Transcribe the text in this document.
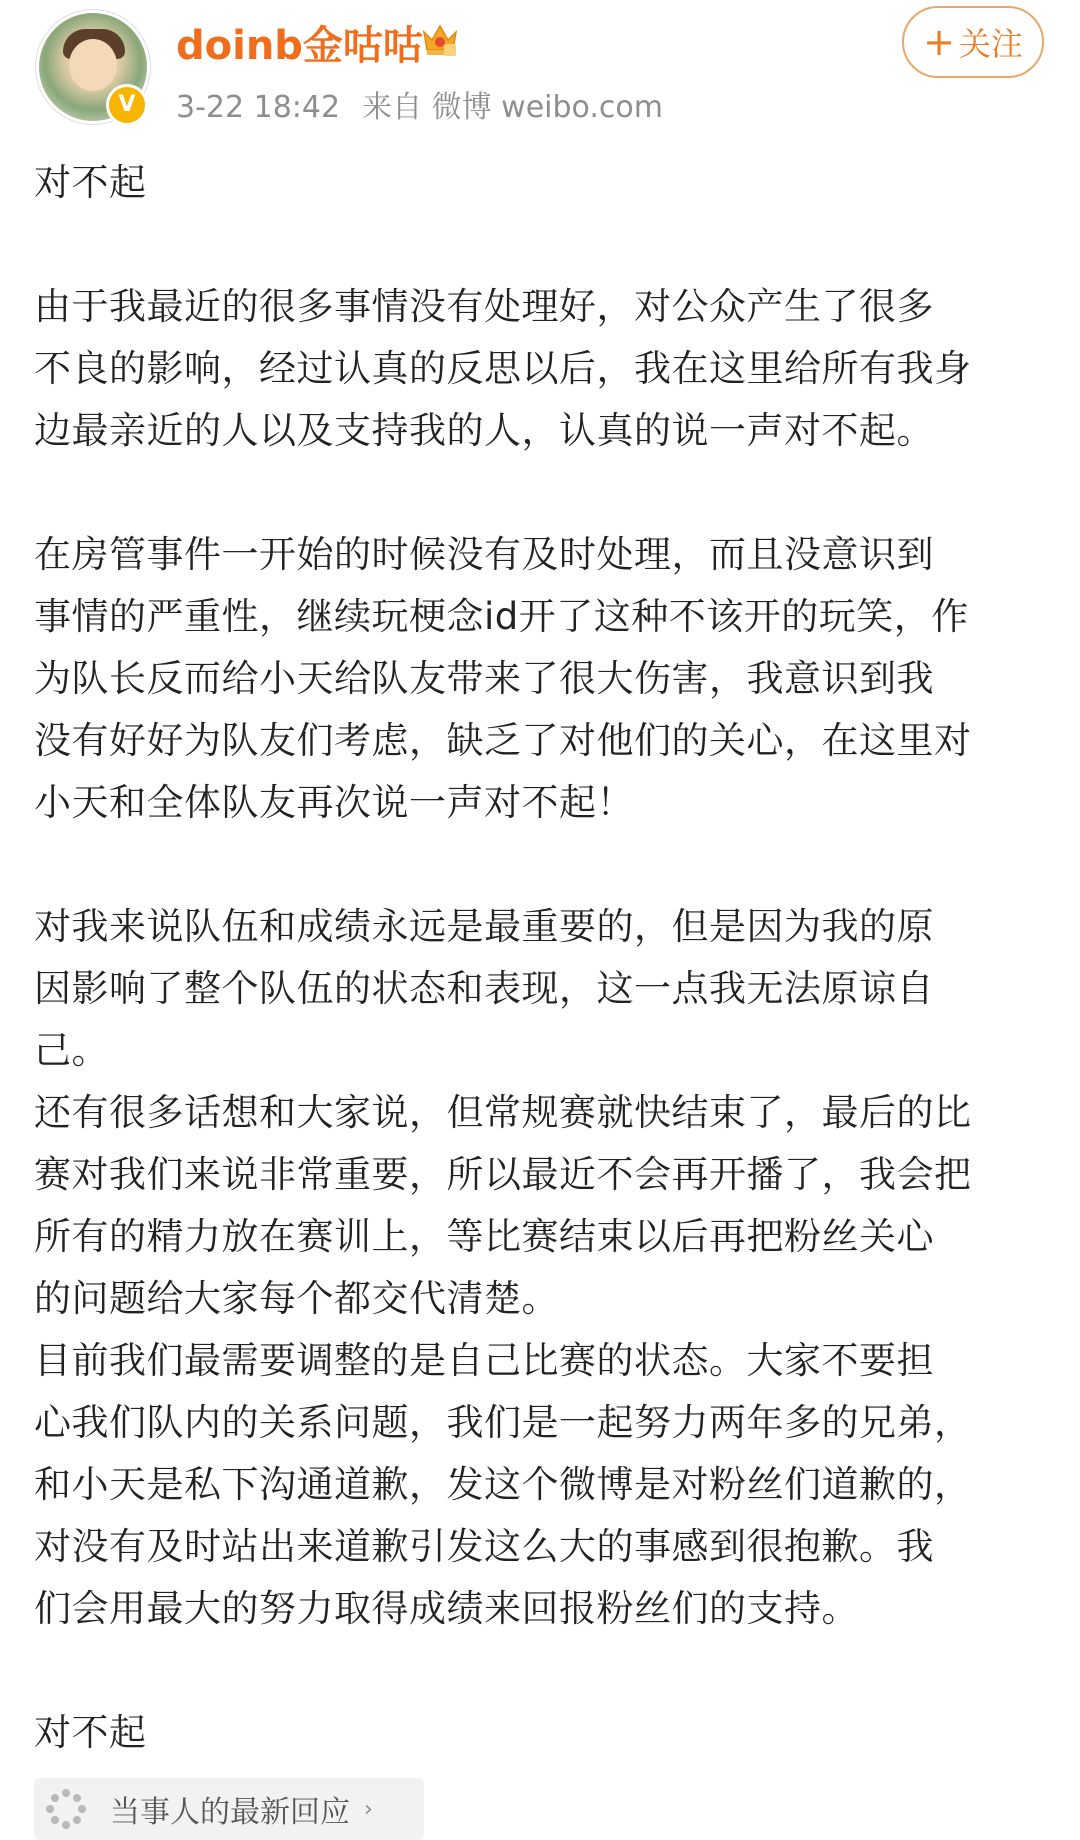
V
doinb金咕咕
3-22 18:42 来自 微博 weibo.com
+ 关注

对不起

由于我最近的很多事情没有处理好，对公众产生了很多

不良的影响，经过认真的反思以后，我在这里给所有我身

边最亲近的人以及支持我的人，认真的说一声对不起。

在房管事件一开始的时候没有及时处理，而且没意识到

事情的严重性，继续玩梗念id开了这种不该开的玩笑，作

为队长反而给小天给队友带来了很大伤害，我意识到我

没有好好为队友们考虑，缺乏了对他们的关心，在这里对

小天和全体队友再次说一声对不起！

对我来说队伍和成绩永远是最重要的，但是因为我的原

因影响了整个队伍的状态和表现，这一点我无法原谅自

己。

还有很多话想和大家说，但常规赛就快结束了，最后的比

赛对我们来说非常重要，所以最近不会再开播了，我会把

所有的精力放在赛训上，等比赛结束以后再把粉丝关心

的问题给大家每个都交代清楚。

目前我们最需要调整的是自己比赛的状态。大家不要担

心我们队内的关系问题，我们是一起努力两年多的兄弟，

和小天是私下沟通道歉，发这个微博是对粉丝们道歉的，

对没有及时站出来道歉引发这么大的事感到很抱歉。我

们会用最大的努力取得成绩来回报粉丝们的支持。

对不起

当事人的最新回应 ›
